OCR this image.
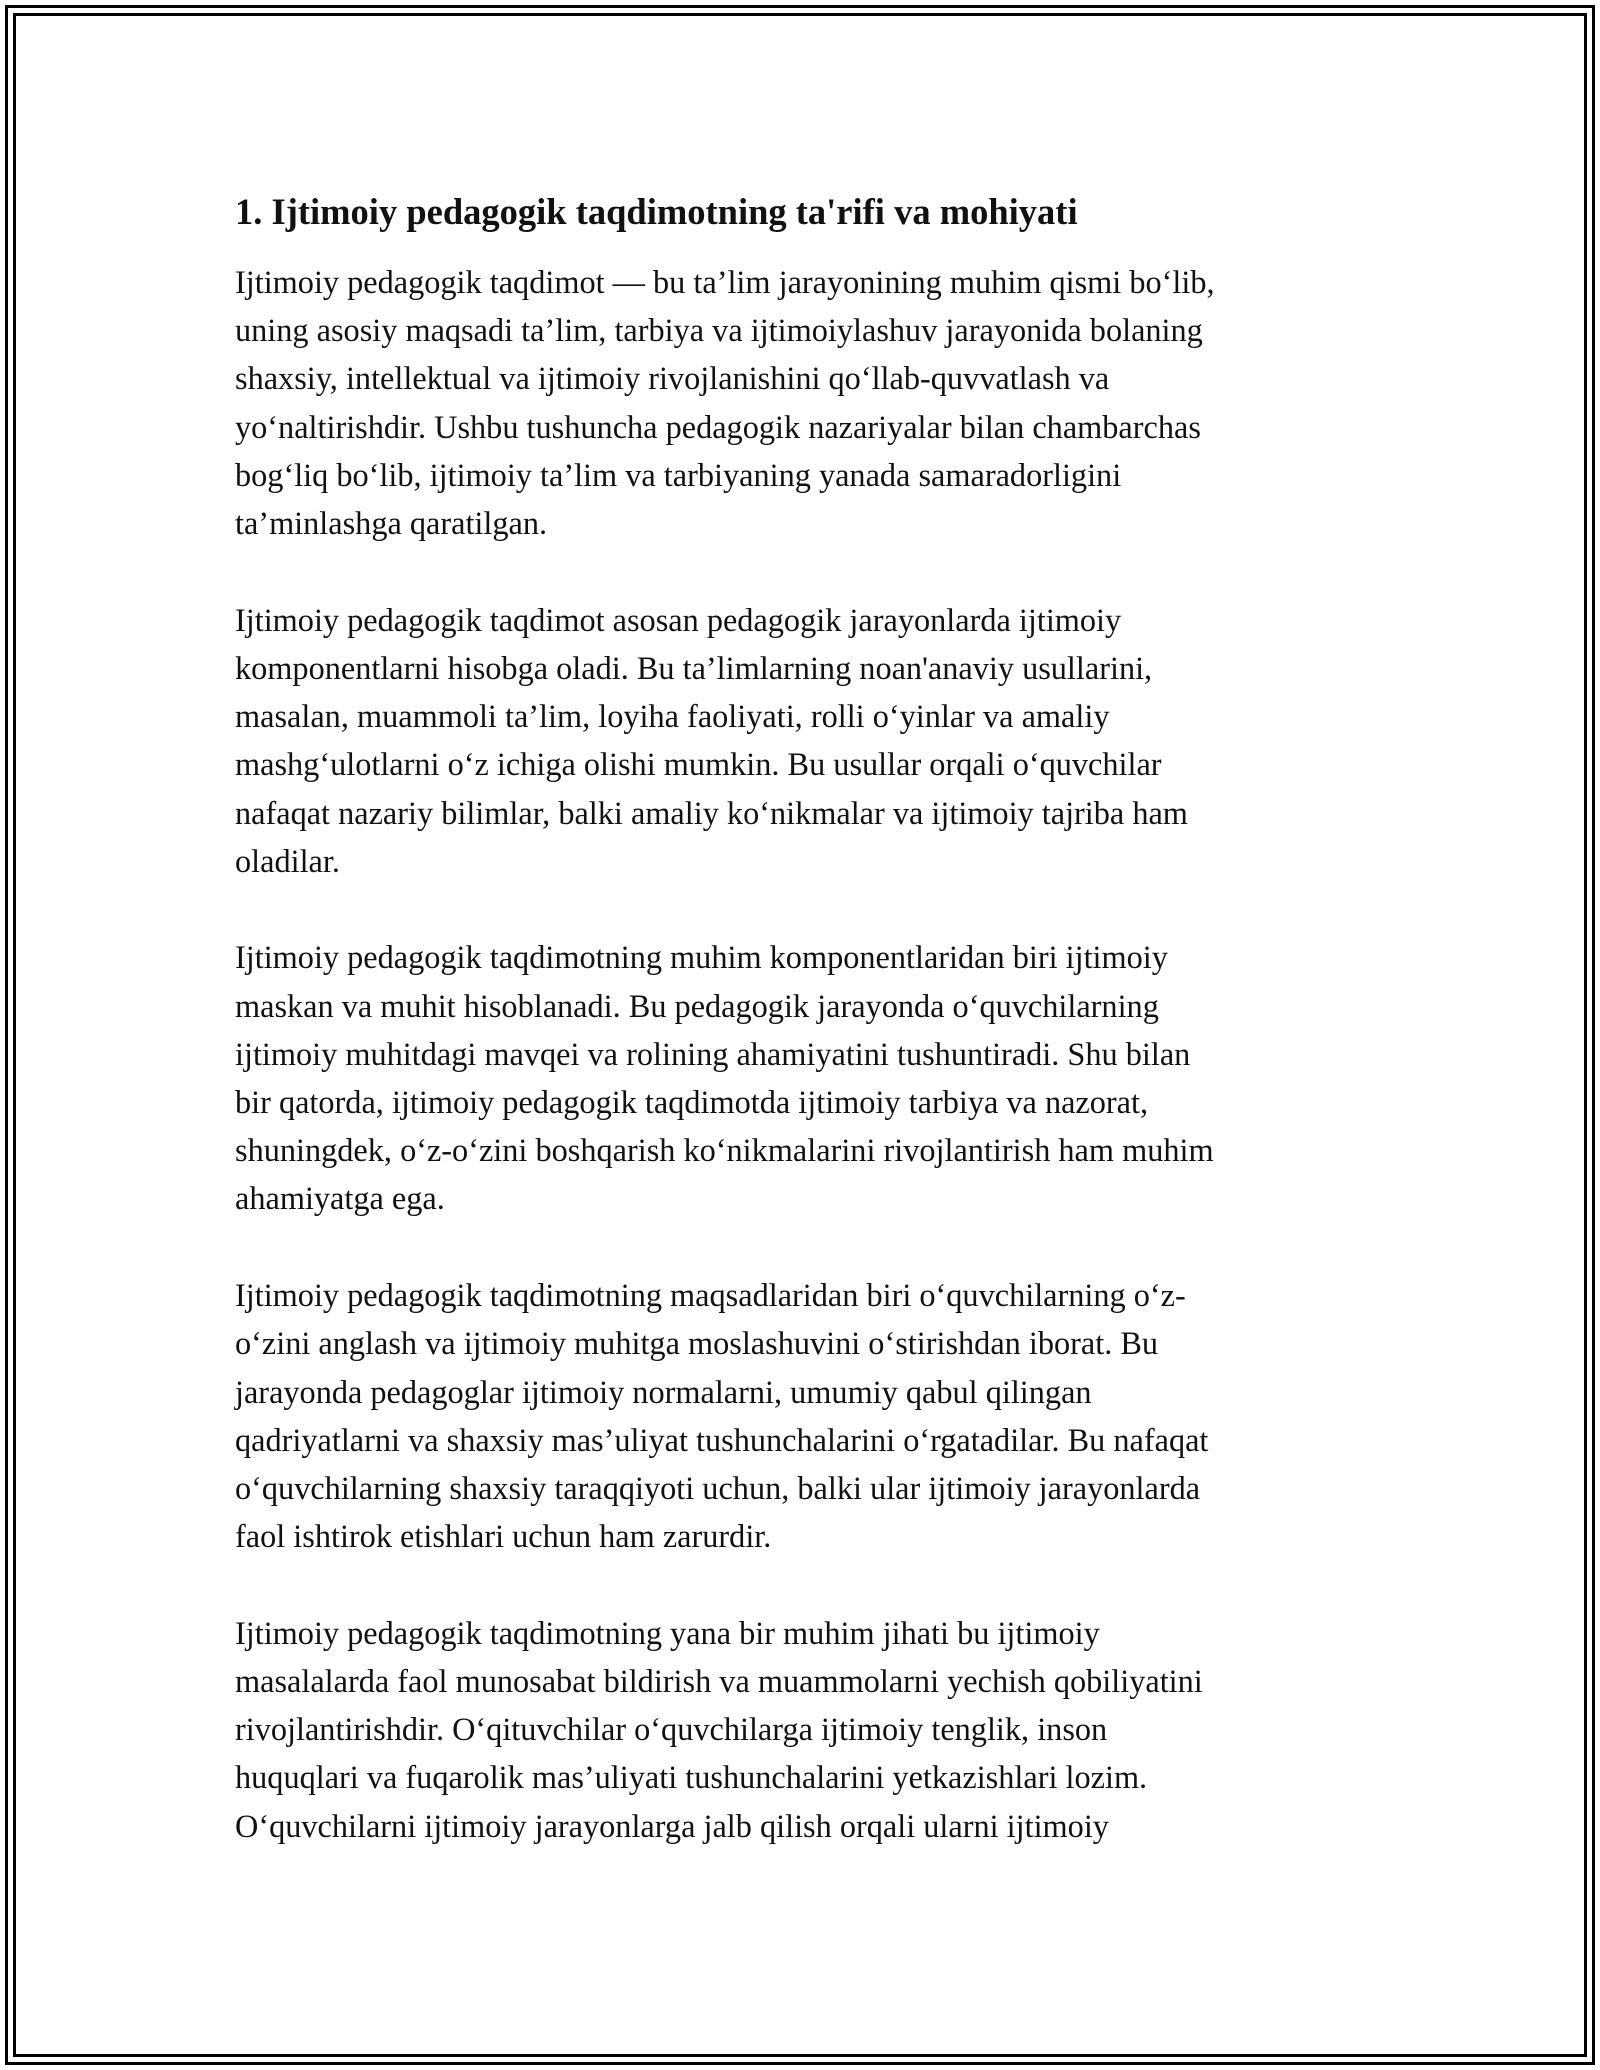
1. Ijtimoiy pedagogik taqdimotning ta'rifi va mohiyati

Ijtimoiy pedagogik taqdimot — bu ta’lim jarayonining muhim qismi bo‘lib,
uning asosiy maqsadi ta’lim, tarbiya va ijtimoiylashuv jarayonida bolaning
shaxsiy, intellektual va ijtimoiy rivojlanishini qo‘llab-quvvatlash va
yo‘naltirishdir. Ushbu tushuncha pedagogik nazariyalar bilan chambarchas
bog‘liq bo‘lib, ijtimoiy ta’lim va tarbiyaning yanada samaradorligini
ta’minlashga qaratilgan.

Ijtimoiy pedagogik taqdimot asosan pedagogik jarayonlarda ijtimoiy
komponentlarni hisobga oladi. Bu ta’limlarning noan'anaviy usullarini,
masalan, muammoli ta’lim, loyiha faoliyati, rolli o‘yinlar va amaliy
mashg‘ulotlarni o‘z ichiga olishi mumkin. Bu usullar orqali o‘quvchilar
nafaqat nazariy bilimlar, balki amaliy ko‘nikmalar va ijtimoiy tajriba ham
oladilar.

Ijtimoiy pedagogik taqdimotning muhim komponentlaridan biri ijtimoiy
maskan va muhit hisoblanadi. Bu pedagogik jarayonda o‘quvchilarning
ijtimoiy muhitdagi mavqei va rolining ahamiyatini tushuntiradi. Shu bilan
bir qatorda, ijtimoiy pedagogik taqdimotda ijtimoiy tarbiya va nazorat,
shuningdek, o‘z-o‘zini boshqarish ko‘nikmalarini rivojlantirish ham muhim
ahamiyatga ega.

Ijtimoiy pedagogik taqdimotning maqsadlaridan biri o‘quvchilarning o‘z-
o‘zini anglash va ijtimoiy muhitga moslashuvini o‘stirishdan iborat. Bu
jarayonda pedagoglar ijtimoiy normalarni, umumiy qabul qilingan
qadriyatlarni va shaxsiy mas’uliyat tushunchalarini o‘rgatadilar. Bu nafaqat
o‘quvchilarning shaxsiy taraqqiyoti uchun, balki ular ijtimoiy jarayonlarda
faol ishtirok etishlari uchun ham zarurdir.

Ijtimoiy pedagogik taqdimotning yana bir muhim jihati bu ijtimoiy
masalalarda faol munosabat bildirish va muammolarni yechish qobiliyatini
rivojlantirishdir. O‘qituvchilar o‘quvchilarga ijtimoiy tenglik, inson
huquqlari va fuqarolik mas’uliyati tushunchalarini yetkazishlari lozim.
O‘quvchilarni ijtimoiy jarayonlarga jalb qilish orqali ularni ijtimoiy
